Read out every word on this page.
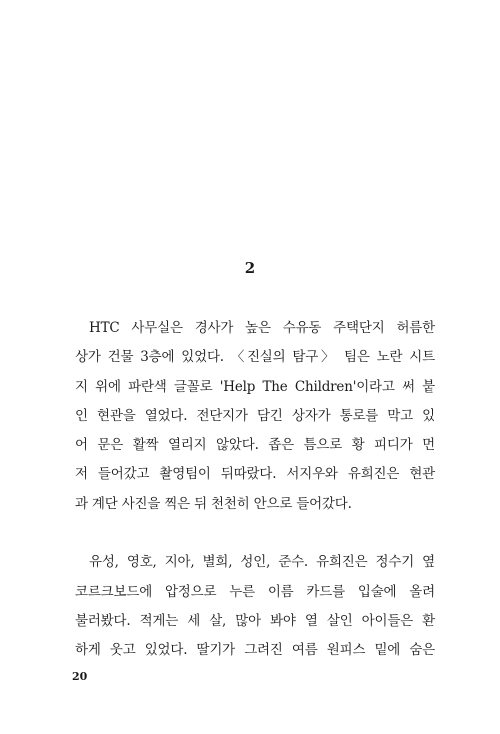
2

HTC 사무실은 경사가 높은 수유동 주택단지 허름한
상가 건물 3층에 있었다. 〈진실의 탐구〉 팀은 노란 시트
지 위에 파란색 글꼴로 'Help The Children'이라고 써 붙
인 현관을 열었다. 전단지가 담긴 상자가 통로를 막고 있
어 문은 활짝 열리지 않았다. 좁은 틈으로 황 피디가 먼
저 들어갔고 촬영팀이 뒤따랐다. 서지우와 유희진은 현관
과 계단 사진을 찍은 뒤 천천히 안으로 들어갔다.

유성, 영호, 지아, 별희, 성인, 준수. 유희진은 정수기 옆
코르크보드에 압정으로 누른 이름 카드를 입술에 올려
불러봤다. 적게는 세 살, 많아 봐야 열 살인 아이들은 환
하게 웃고 있었다. 딸기가 그려진 여름 원피스 밑에 숨은

20
